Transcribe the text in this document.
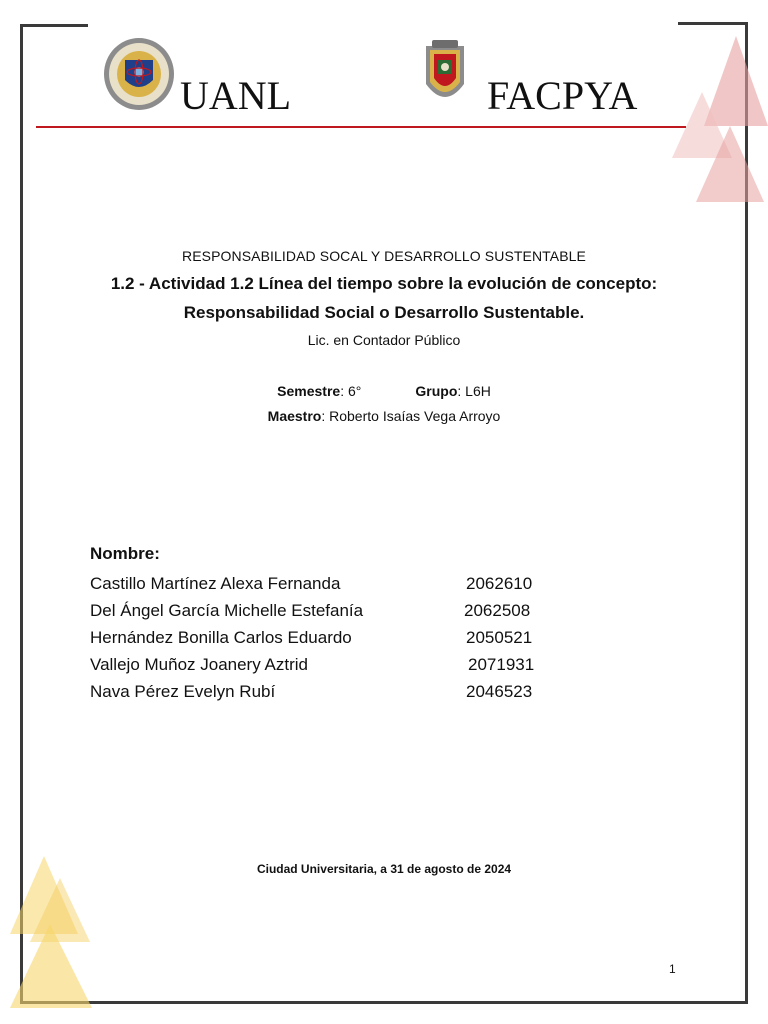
UANL	FACPYA
RESPONSABILIDAD SOCAL Y DESARROLLO SUSTENTABLE
1.2 - Actividad 1.2 Línea del tiempo sobre la evolución de concepto:
Responsabilidad Social o Desarrollo Sustentable.
Lic. en Contador Público
Semestre: 6°	Grupo: L6H
Maestro: Roberto Isaías Vega Arroyo
Nombre:
Castillo Martínez Alexa Fernanda	2062610
Del Ángel García Michelle Estefanía	2062508
Hernández Bonilla Carlos Eduardo	2050521
Vallejo Muñoz Joanery Aztrid	2071931
Nava Pérez Evelyn Rubí	2046523
Ciudad Universitaria, a 31 de agosto de 2024
1
